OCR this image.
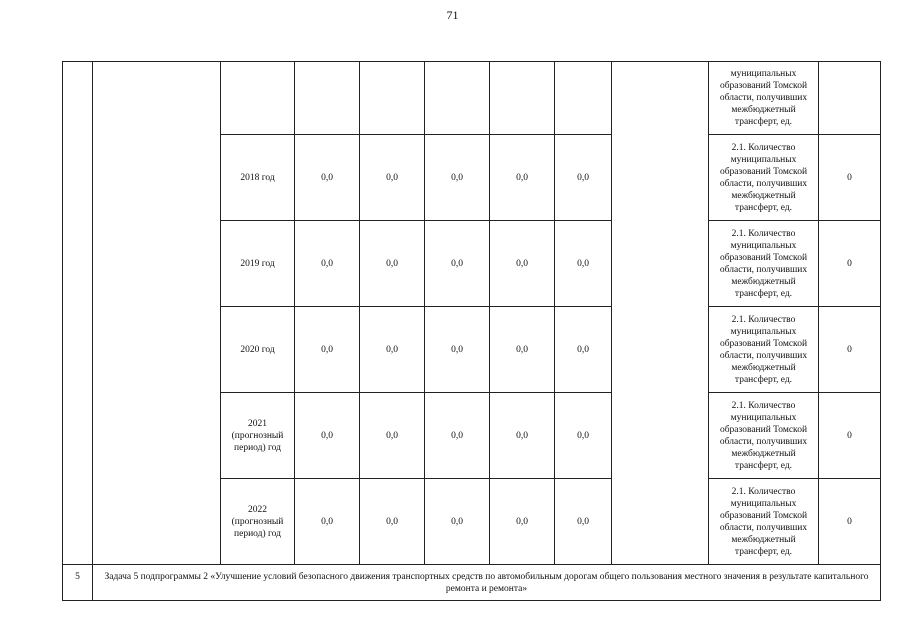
71
									муниципальных образований Томской области, получивших межбюджетный трансферт, ед.	
		2018 год	0,0	0,0	0,0	0,0	0,0		2.1. Количество муниципальных образований Томской области, получивших межбюджетный трансферт, ед.	0
		2019 год	0,0	0,0	0,0	0,0	0,0		2.1. Количество муниципальных образований Томской области, получивших межбюджетный трансферт, ед.	0
		2020 год	0,0	0,0	0,0	0,0	0,0		2.1. Количество муниципальных образований Томской области, получивших межбюджетный трансферт, ед.	0
		2021 (прогнозный период) год	0,0	0,0	0,0	0,0	0,0		2.1. Количество муниципальных образований Томской области, получивших межбюджетный трансферт, ед.	0
		2022 (прогнозный период) год	0,0	0,0	0,0	0,0	0,0		2.1. Количество муниципальных образований Томской области, получивших межбюджетный трансферт, ед.	0
5	Задача 5 подпрограммы 2 «Улучшение условий безопасного движения транспортных средств по автомобильным дорогам общего пользования местного значения в результате капитального ремонта и ремонта»									
